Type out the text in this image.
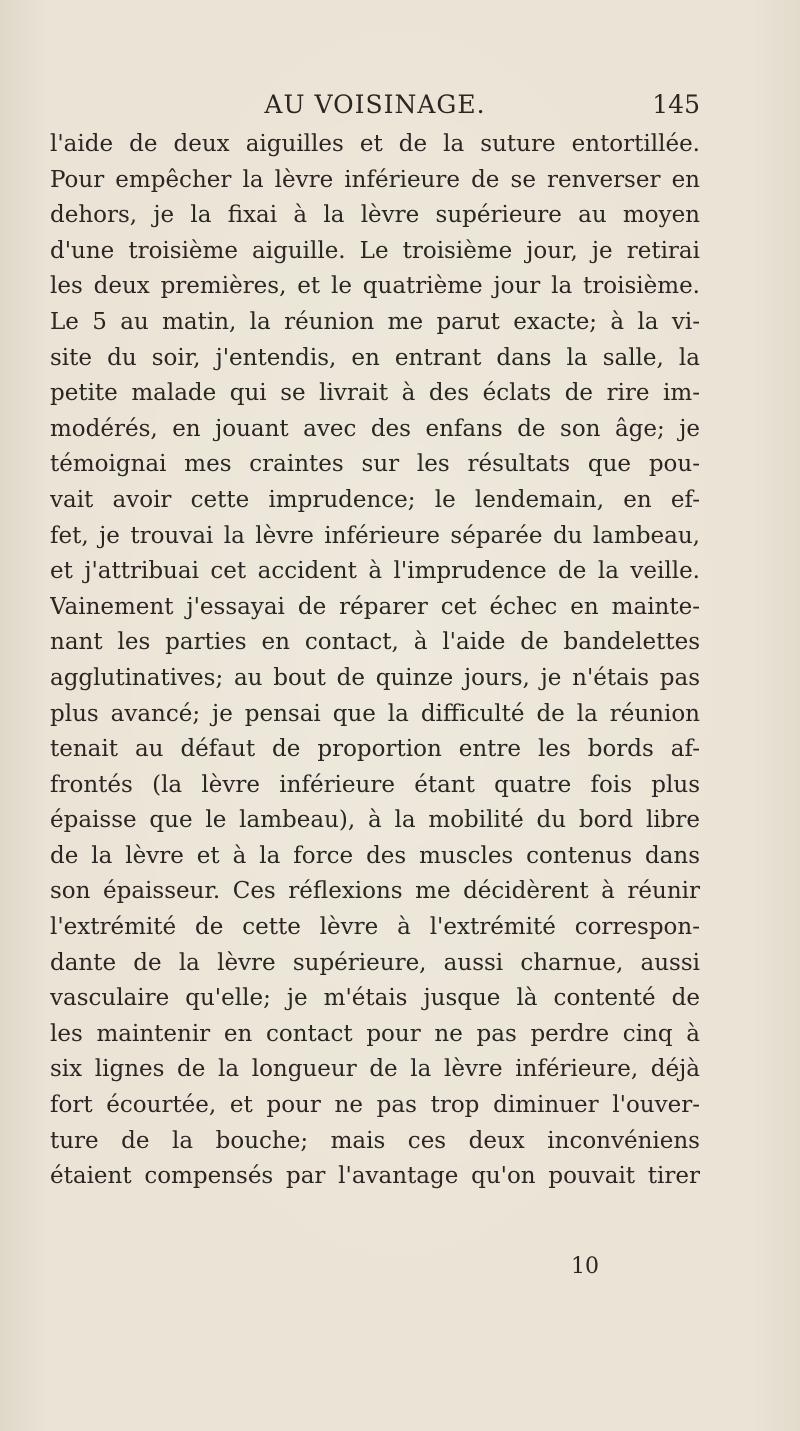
AU VOISINAGE.	145
l'aide de deux aiguilles et de la suture entortillée.
Pour empêcher la lèvre inférieure de se renverser en
dehors, je la fixai à la lèvre supérieure au moyen
d'une troisième aiguille. Le troisième jour, je retirai
les deux premières, et le quatrième jour la troisième.
Le 5 au matin, la réunion me parut exacte; à la vi-
site du soir, j'entendis, en entrant dans la salle, la
petite malade qui se livrait à des éclats de rire im-
modérés, en jouant avec des enfans de son âge; je
témoignai mes craintes sur les résultats que pou-
vait avoir cette imprudence; le lendemain, en ef-
fet, je trouvai la lèvre inférieure séparée du lambeau,
et j'attribuai cet accident à l'imprudence de la veille.
Vainement j'essayai de réparer cet échec en mainte-
nant les parties en contact, à l'aide de bandelettes
agglutinatives; au bout de quinze jours, je n'étais pas
plus avancé; je pensai que la difficulté de la réunion
tenait au défaut de proportion entre les bords af-
frontés (la lèvre inférieure étant quatre fois plus
épaisse que le lambeau), à la mobilité du bord libre
de la lèvre et à la force des muscles contenus dans
son épaisseur. Ces réflexions me décidèrent à réunir
l'extrémité de cette lèvre à l'extrémité correspon-
dante de la lèvre supérieure, aussi charnue, aussi
vasculaire qu'elle; je m'étais jusque là contenté de
les maintenir en contact pour ne pas perdre cinq à
six lignes de la longueur de la lèvre inférieure, déjà
fort écourtée, et pour ne pas trop diminuer l'ouver-
ture de la bouche; mais ces deux inconvéniens
étaient compensés par l'avantage qu'on pouvait tirer
10
